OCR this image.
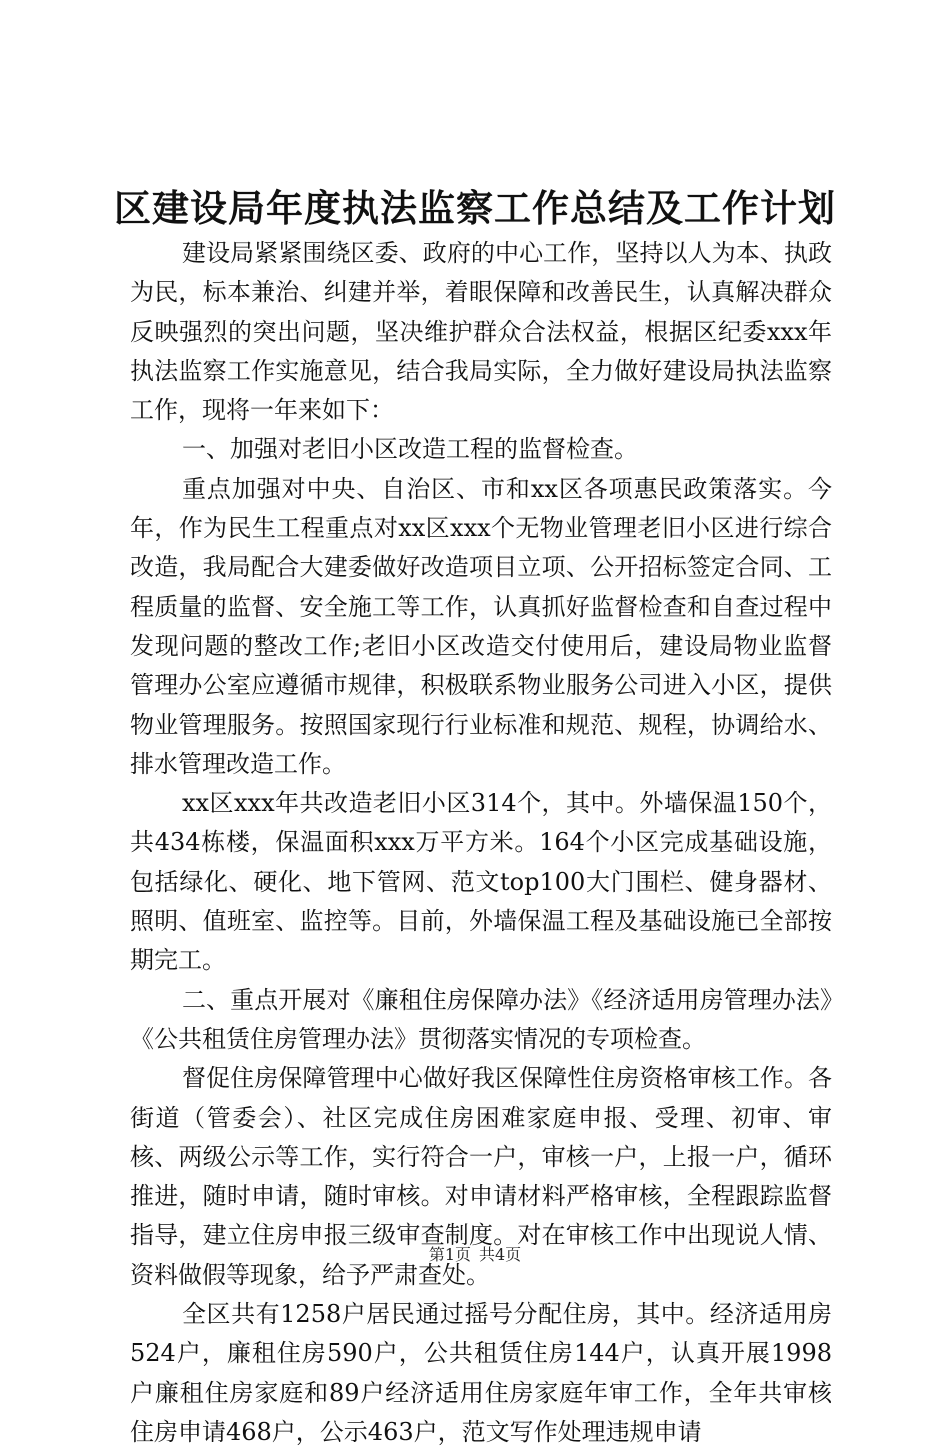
区建设局年度执法监察工作总结及工作计划

建设局紧紧围绕区委、政府的中心工作，坚持以人为本、执政为民，标本兼治、纠建并举，着眼保障和改善民生，认真解决群众反映强烈的突出问题，坚决维护群众合法权益，根据区纪委xxx年执法监察工作实施意见，结合我局实际，全力做好建设局执法监察工作，现将一年来如下：

一、加强对老旧小区改造工程的监督检查。

重点加强对中央、自治区、市和xx区各项惠民政策落实。今年，作为民生工程重点对xx区xxx个无物业管理老旧小区进行综合改造，我局配合大建委做好改造项目立项、公开招标签定合同、工程质量的监督、安全施工等工作，认真抓好监督检查和自查过程中发现问题的整改工作;老旧小区改造交付使用后，建设局物业监督管理办公室应遵循市规律，积极联系物业服务公司进入小区，提供物业管理服务。按照国家现行行业标准和规范、规程，协调给水、排水管理改造工作。

xx区xxx年共改造老旧小区314个，其中。外墙保温150个，共434栋楼，保温面积xxx万平方米。164个小区完成基础设施，包括绿化、硬化、地下管网、范文top100大门围栏、健身器材、照明、值班室、监控等。目前，外墙保温工程及基础设施已全部按期完工。

二、重点开展对《廉租住房保障办法》《经济适用房管理办法》《公共租赁住房管理办法》贯彻落实情况的专项检查。

督促住房保障管理中心做好我区保障性住房资格审核工作。各街道（管委会）、社区完成住房困难家庭申报、受理、初审、审核、两级公示等工作，实行符合一户，审核一户，上报一户，循环推进，随时申请，随时审核。对申请材料严格审核，全程跟踪监督指导，建立住房申报三级审查制度。对在审核工作中出现说人情、资料做假等现象，给予严肃查处。

全区共有1258户居民通过摇号分配住房，其中。经济适用房524户，廉租住房590户，公共租赁住房144户，认真开展1998户廉租住房家庭和89户经济适用住房家庭年审工作，全年共审核住房申请468户，公示463户，范文写作处理违规申请

第1页 共4页
